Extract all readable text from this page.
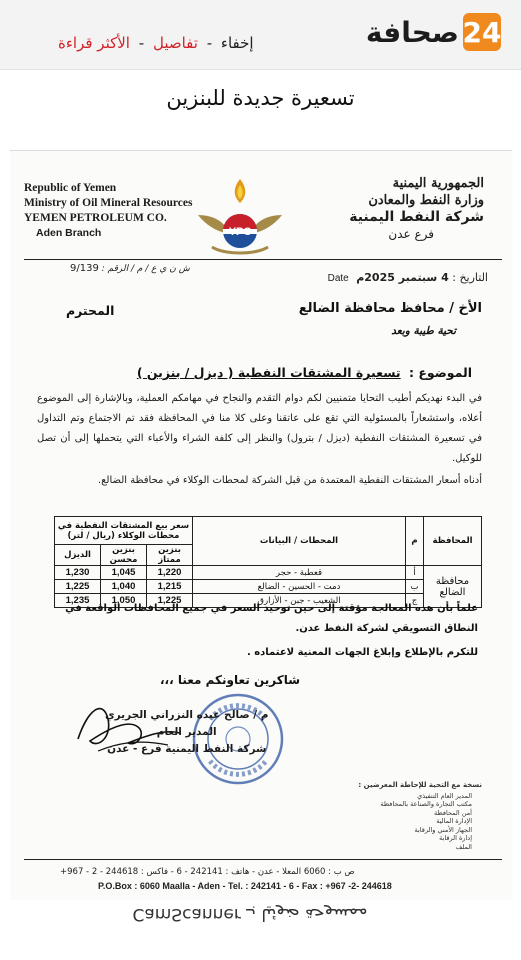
24
صحافة
إخفاء - تفاصيل - الأكثر قراءة
تسعيرة جديدة للبنزين
Republic of Yemen
Ministry of Oil Mineral Resources
YEMEN PETROLEUM CO.
Aden Branch	YPC
الجمهورية اليمنية
وزارة النفط والمعادن
شركة النفط اليمنية
فرع عدن
ش ن ي ع / م / الرقم : 9/139
التاريخ : 4 سبتمبر 2025م Date
الأخ / محافظ محافظة الضالع
المحترم
تحية طيبة وبعد
الموضوع : تسعيرة المشتقات النفطية ( ديزل / بنزين )
في البدء نهديكم أطيب التحايا متمنيين لكم دوام التقدم والنجاح في مهامكم العملية، وبالإشارة إلى الموضوع أعلاه، واستشعاراً بالمسئولية التي تقع على عاتقنا وعلى كلا منا في المحافظة فقد تم الاجتماع وتم التداول في تسعيرة المشتقات النفطية (ديزل / بترول) والنظر إلى كلفة الشراء والأعباء التي يتحملها إلى أن تصل للوكيل.
أدناه أسعار المشتقات النفطية المعتمدة من قبل الشركة لمحطات الوكلاء في محافظة الضالع.
المحافظة	م	المحطات / البيانات	سعر بيع المشتقات النفطية في محطات الوكلاء (ريال / لتر)		
			بنزين ممتاز	بنزين محسن	الديزل
محافظة الضالع	أ	قعطبة - حجر	1,220	1,045	1,230
	ب	دمت - الحسين - الضالع	1,215	1,040	1,225
	ج	الشعيب - جبن - الأزارق	1,225	1,050	1,235
علماً بأن هذه المعالجة مؤقتة إلى حين توحيد السعر في جميع المحافظات الواقعة في النطاق التسويقي لشركة النفط عدن.
للتكرم بالإطلاع وإبلاغ الجهات المعنية لاعتماده .
شاكرين تعاونكم معنا ،،،
م / صالح عبده النزراني الجريري
المدير العام
شركة النفط اليمنية فرع - عدن
نسخة مع التحية للإحاطة المعرضين :
المدير العام التنفيذي
مكتب التجارة والصناعة بالمحافظة
أمن المحافظة
الإدارة المالية
الجهاز الأمني والرقابة
إدارة الرقابة
الملف
ص ب : 6060 المعلا - عدن - هاتف : 242141 - 6 - فاكس : 244618 - 2 - 967+
P.O.Box : 6060 Maalla - Aden - Tel. : 242141 - 6 - Fax : +967 -2- 244618
ممسوحة ضوئيا بـ CamScanner
